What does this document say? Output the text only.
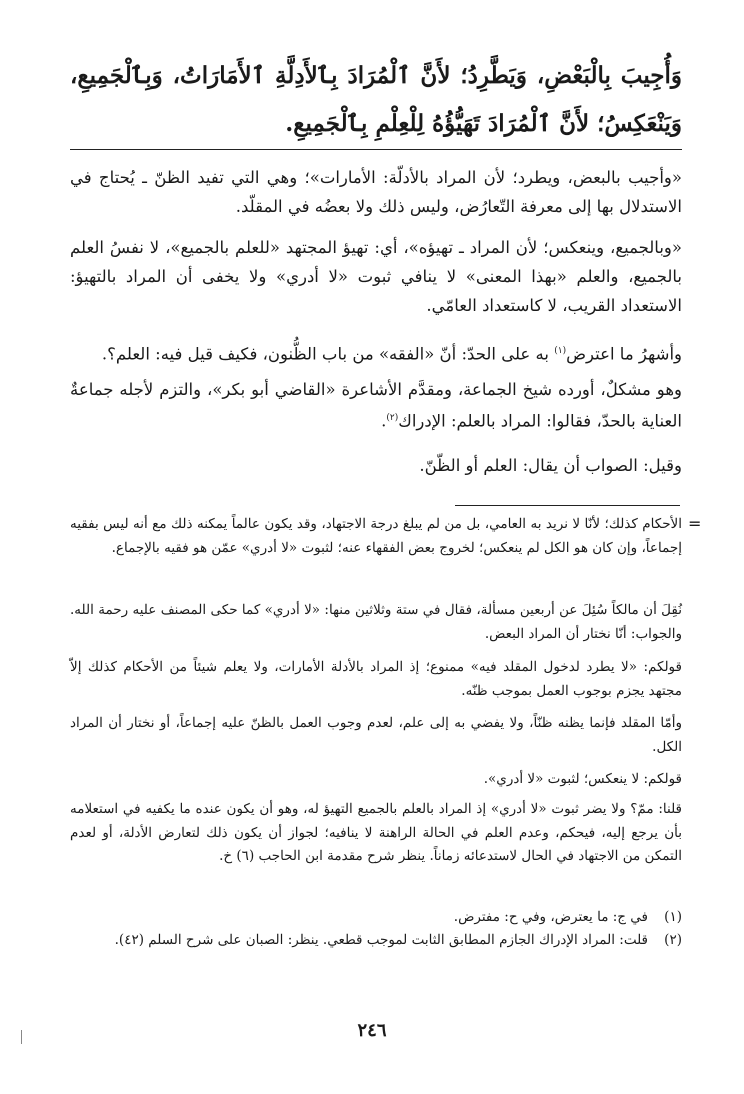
وَأُجِيبَ بِالْبَعْضِ، وَيَطَّرِدُ؛ لأَنَّ ٱلْمُرَادَ بِٱلأَدِلَّةِ ٱلأَمَارَاتُ، وَبِٱلْجَمِيعِ، وَيَنْعَكِسُ؛ لأَنَّ ٱلْمُرَادَ تَهَيُّؤُهُ لِلْعِلْمِ بِٱلْجَمِيعِ.

«وأجيب بالبعض، ويطرد؛ لأن المراد بالأدلّة: الأمارات»؛ وهي التي تفيد الظنّ ـ يُحتاج في الاستدلال بها إلى معرفة التّعارُض، وليس ذلك ولا بعضُه في المقلّد.

«وبالجميع، وينعكس؛ لأن المراد ـ تهيؤه»، أي: تهيؤ المجتهد «للعلم بالجميع»، لا نفسُ العلم بالجميع، والعلم «بهذا المعنى» لا ينافي ثبوت «لا أدري» ولا يخفى أن المراد بالتهيؤ: الاستعداد القريب، لا كاستعداد العامّي.

وأشهرُ ما اعترض$^{(١)}$ به على الحدّ: أنّ «الفقه» من باب الظُّنون، فكيف قيل فيه: العلم؟.

وهو مشكلٌ، أورده شيخ الجماعة، ومقدَّم الأشاعرة «القاضي أبو بكر»، والتزم لأجله جماعةٌ العناية بالحدّ، فقالوا: المراد بالعلم: الإدراك$^{(٢)}$.

وقيل: الصواب أن يقال: العلم أو الظّنّ.

=

الأحكام كذلك؛ لأنّا لا نريد به العامي، بل من لم يبلغ درجة الاجتهاد، وقد يكون عالماً يمكنه ذلك مع أنه ليس بفقيه إجماعاً، وإن كان هو الكل لم ينعكس؛ لخروج بعض الفقهاء عنه؛ لثبوت «لا أدري» عمّن هو فقيه بالإجماع.

نُقِلَ أن مالكاً سُئِلَ عن أربعين مسألة، فقال في ستة وثلاثين منها: «لا أدري» كما حكى المصنف عليه رحمة الله. والجواب: أنّا نختار أن المراد البعض.

قولكم: «لا يطرد لدخول المقلد فيه» ممنوع؛ إذ المراد بالأدلة الأمارات، ولا يعلم شيئاً من الأحكام كذلك إلاّ مجتهد يجزم بوجوب العمل بموجب ظنّه.

وأمّا المقلد فإنما يظنه ظنّاً، ولا يفضي به إلى علم، لعدم وجوب العمل بالظنّ عليه إجماعاً، أو نختار أن المراد الكل.

قولكم: لا ينعكس؛ لثبوت «لا أدري».

قلنا: ممّ؟ ولا يضر ثبوت «لا أدري» إذ المراد بالعلم بالجميع التهيؤ له، وهو أن يكون عنده ما يكفيه في استعلامه بأن يرجع إليه، فيحكم، وعدم العلم في الحالة الراهنة لا ينافيه؛ لجواز أن يكون ذلك لتعارض الأدلة، أو لعدم التمكن من الاجتهاد في الحال لاستدعائه زماناً. ينظر شرح مقدمة ابن الحاجب (٦) خ.

(١)
في ج: ما يعترض، وفي ح: مفترض.
(٢)
قلت: المراد الإدراك الجازم المطابق الثابت لموجب قطعي. ينظر: الصبان على شرح السلم (٤٢).
٢٤٦
